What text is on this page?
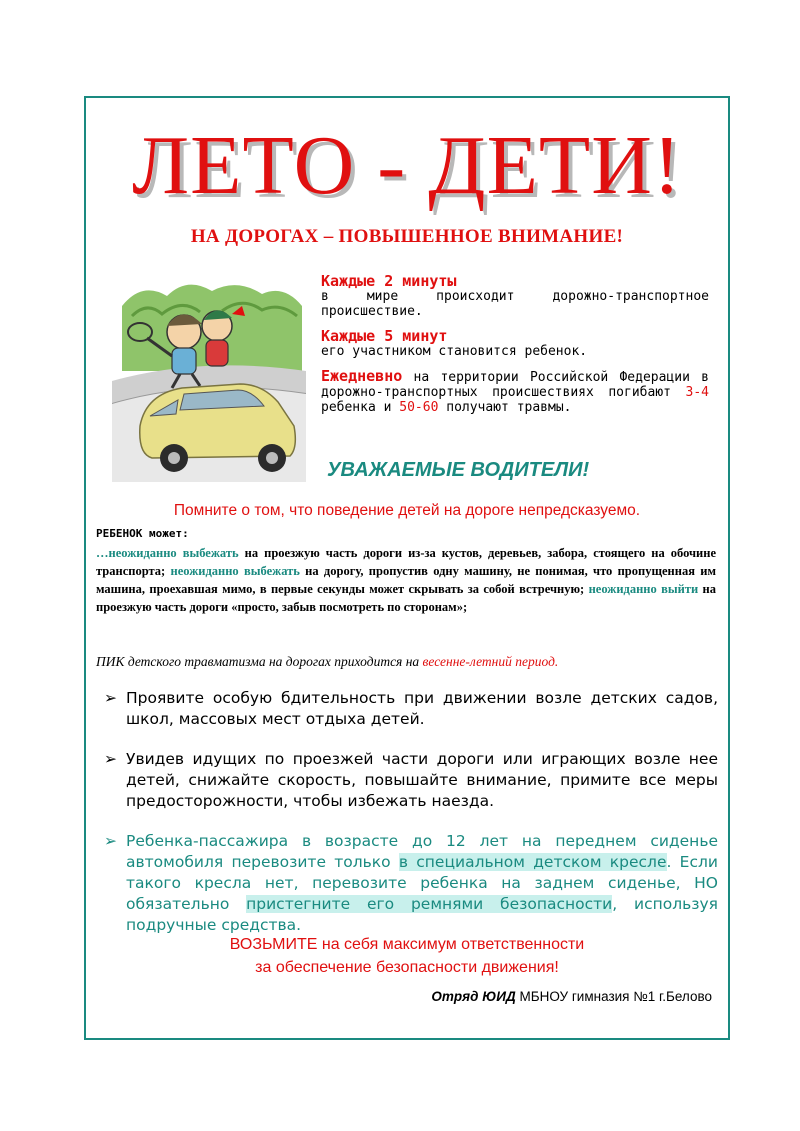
ЛЕТО - ДЕТИ!
НА ДОРОГАХ – ПОВЫШЕННОЕ ВНИМАНИЕ!
Каждые 2 минуты
в мире происходит дорожно-транспортное происшествие.
Каждые 5 минут
его участником становится ребенок.
Ежедневно на территории Российской Федерации в дорожно-транспортных происшествиях погибают 3-4 ребенка и 50-60 получают травмы.
УВАЖАЕМЫЕ ВОДИТЕЛИ!
Помните о том, что поведение детей на дороге непредсказуемо.
РЕБЕНОК может:
…неожиданно выбежать на проезжую часть дороги из-за кустов, деревьев, забора, стоящего на обочине транспорта; неожиданно выбежать на дорогу, пропустив одну машину, не понимая, что пропущенная им машина, проехавшая мимо, в первые секунды может скрывать за собой встречную; неожиданно выйти на проезжую часть дороги «просто, забыв посмотреть по сторонам»;
ПИК детского травматизма на дорогах приходится на весенне-летний период.
➢ Проявите особую бдительность при движении возле детских садов, школ, массовых мест отдыха детей.
➢ Увидев идущих по проезжей части дороги или играющих возле нее детей, снижайте скорость, повышайте внимание, примите все меры предосторожности, чтобы избежать наезда.
➢ Ребенка-пассажира в возрасте до 12 лет на переднем сиденье автомобиля перевозите только в специальном детском кресле. Если такого кресла нет, перевозите ребенка на заднем сиденье, НО обязательно пристегните его ремнями безопасности, используя подручные средства.
ВОЗЬМИТЕ на себя максимум ответственности
за обеспечение безопасности движения!
Отряд ЮИД МБНОУ гимназия №1 г.Белово
